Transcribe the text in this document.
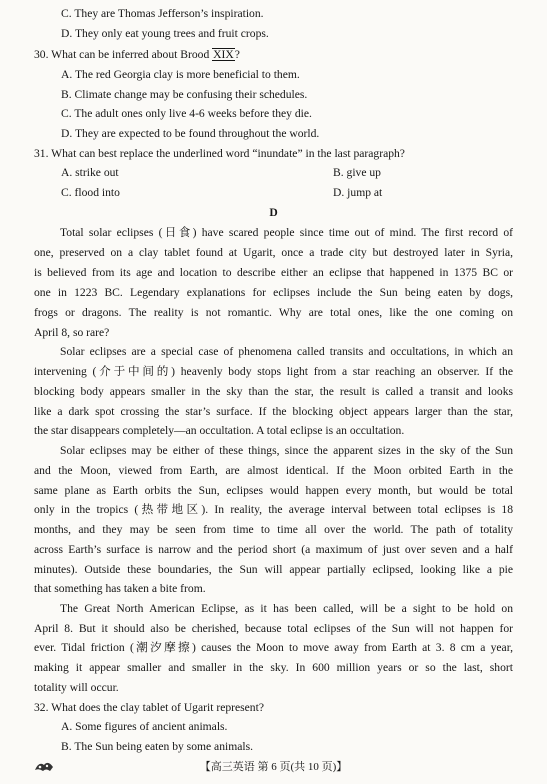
C. They are Thomas Jefferson’s inspiration.
D. They only eat young trees and fruit crops.
30. What can be inferred about Brood XIX?
A. The red Georgia clay is more beneficial to them.
B. Climate change may be confusing their schedules.
C. The adult ones only live 4-6 weeks before they die.
D. They are expected to be found throughout the world.
31. What can best replace the underlined word “inundate” in the last paragraph?
A. strike out	B. give up
C. flood into	D. jump at
D
Total solar eclipses (日食) have scared people since time out of mind. The first record of
one, preserved on a clay tablet found at Ugarit, once a trade city but destroyed later in Syria,
is believed from its age and location to describe either an eclipse that happened in 1375 BC or
one in 1223 BC. Legendary explanations for eclipses include the Sun being eaten by dogs,
frogs or dragons. The reality is not romantic. Why are total ones, like the one coming on
April 8, so rare?
Solar eclipses are a special case of phenomena called transits and occultations, in which an
intervening (介于中间的) heavenly body stops light from a star reaching an observer. If the
blocking body appears smaller in the sky than the star, the result is called a transit and looks
like a dark spot crossing the star’s surface. If the blocking object appears larger than the star,
the star disappears completely—an occultation. A total eclipse is an occultation.
Solar eclipses may be either of these things, since the apparent sizes in the sky of the Sun
and the Moon, viewed from Earth, are almost identical. If the Moon orbited Earth in the
same plane as Earth orbits the Sun, eclipses would happen every month, but would be total
only in the tropics (热带地区). In reality, the average interval between total eclipses is 18
months, and they may be seen from time to time all over the world. The path of totality
across Earth’s surface is narrow and the period short (a maximum of just over seven and a half
minutes). Outside these boundaries, the Sun will appear partially eclipsed, looking like a pie
that something has taken a bite from.
The Great North American Eclipse, as it has been called, will be a sight to be hold on
April 8. But it should also be cherished, because total eclipses of the Sun will not happen for
ever. Tidal friction (潮汐摩擦) causes the Moon to move away from Earth at 3. 8 cm a year,
making it appear smaller and smaller in the sky. In 600 million years or so the last, short
totality will occur.
32. What does the clay tablet of Ugarit represent?
A. Some figures of ancient animals.
B. The Sun being eaten by some animals.
【高三英语 第 6 页(共 10 页)】
